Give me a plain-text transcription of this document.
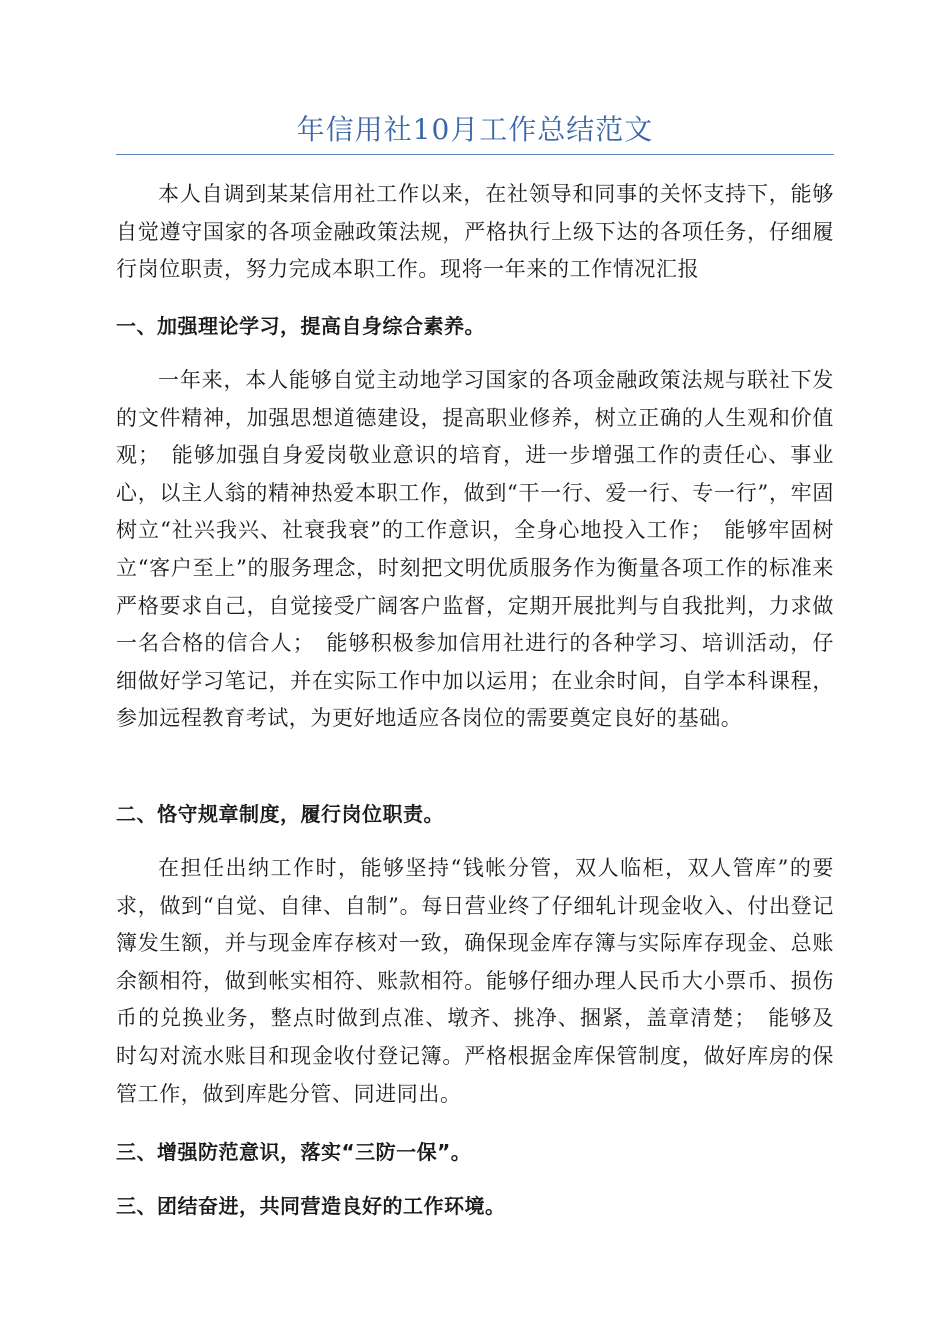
年信用社10月工作总结范文

本人自调到某某信用社工作以来，在社领导和同事的关怀支持下，能够自觉遵守国家的各项金融政策法规，严格执行上级下达的各项任务，仔细履行岗位职责，努力完成本职工作。现将一年来的工作情况汇报

一、加强理论学习，提高自身综合素养。

一年来，本人能够自觉主动地学习国家的各项金融政策法规与联社下发的文件精神，加强思想道德建设，提高职业修养，树立正确的人生观和价值观；　能够加强自身爱岗敬业意识的培育，进一步增强工作的责任心、事业心，以主人翁的精神热爱本职工作，做到“干一行、爱一行、专一行”，牢固树立“社兴我兴、社衰我衰”的工作意识，全身心地投入工作；　能够牢固树立“客户至上”的服务理念，时刻把文明优质服务作为衡量各项工作的标准来严格要求自己，自觉接受广阔客户监督，定期开展批判与自我批判，力求做一名合格的信合人；　能够积极参加信用社进行的各种学习、培训活动，仔细做好学习笔记，并在实际工作中加以运用；在业余时间，自学本科课程，参加远程教育考试，为更好地适应各岗位的需要奠定良好的基础。

二、恪守规章制度，履行岗位职责。

在担任出纳工作时，能够坚持“钱帐分管，双人临柜，双人管库”的要求，做到“自觉、自律、自制”。每日营业终了仔细轧计现金收入、付出登记簿发生额，并与现金库存核对一致，确保现金库存簿与实际库存现金、总账余额相符，做到帐实相符、账款相符。能够仔细办理人民币大小票币、损伤币的兑换业务，整点时做到点准、墩齐、挑净、捆紧，盖章清楚；　能够及时勾对流水账目和现金收付登记簿。严格根据金库保管制度，做好库房的保管工作，做到库匙分管、同进同出。

三、增强防范意识，落实“三防一保”。

三、团结奋进，共同营造良好的工作环境。
